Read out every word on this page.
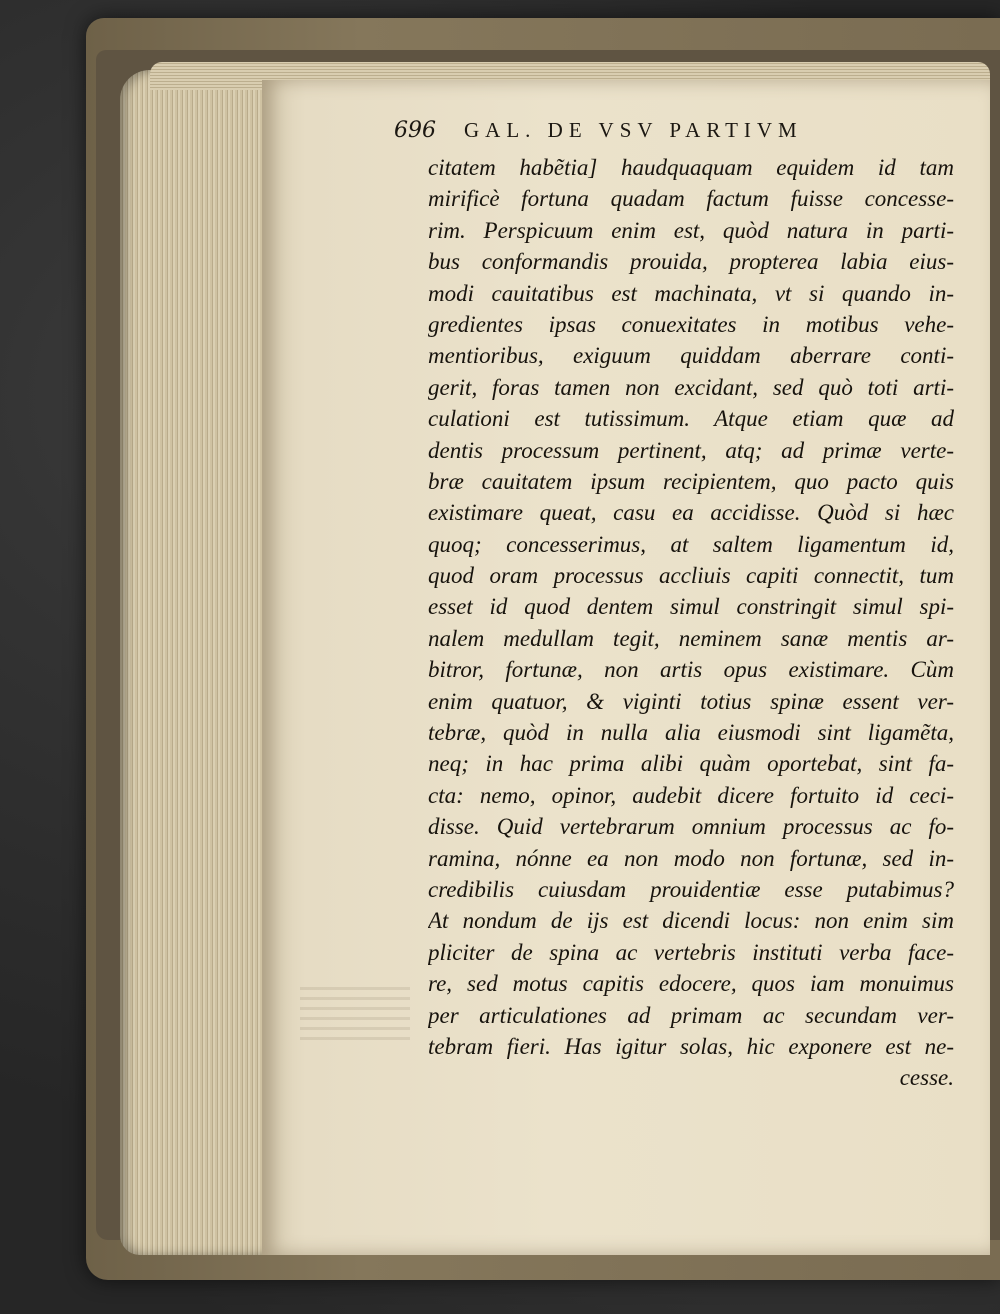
696	GAL. DE VSV PARTIVM
citatem habẽtia] haudquaquam equidem id tam
mirificè fortuna quadam factum fuisse concesse-
rim. Perspicuum enim est, quòd natura in parti-
bus conformandis prouida, propterea labia eius-
modi cauitatibus est machinata, vt si quando in-
gredientes ipsas conuexitates in motibus vehe-
mentioribus, exiguum quiddam aberrare conti-
gerit, foras tamen non excidant, sed quò toti arti-
culationi est tutissimum. Atque etiam quæ ad
dentis processum pertinent, atq; ad primæ verte-
bræ cauitatem ipsum recipientem, quo pacto quis
existimare queat, casu ea accidisse. Quòd si hæc
quoq; concesserimus, at saltem ligamentum id,
quod oram processus accliuis capiti connectit, tum
esset id quod dentem simul constringit simul spi-
nalem medullam tegit, neminem sanæ mentis ar-
bitror, fortunæ, non artis opus existimare. Cùm
enim quatuor, & viginti totius spinæ essent ver-
tebræ, quòd in nulla alia eiusmodi sint ligamẽta,
neq; in hac prima alibi quàm oportebat, sint fa-
cta: nemo, opinor, audebit dicere fortuito id ceci-
disse. Quid vertebrarum omnium processus ac fo-
ramina, nónne ea non modo non fortunæ, sed in-
credibilis cuiusdam prouidentiæ esse putabimus?
At nondum de ijs est dicendi locus: non enim sim
pliciter de spina ac vertebris instituti verba face-
re, sed motus capitis edocere, quos iam monuimus
per articulationes ad primam ac secundam ver-
tebram fieri. Has igitur solas, hic exponere est ne-
cesse.
